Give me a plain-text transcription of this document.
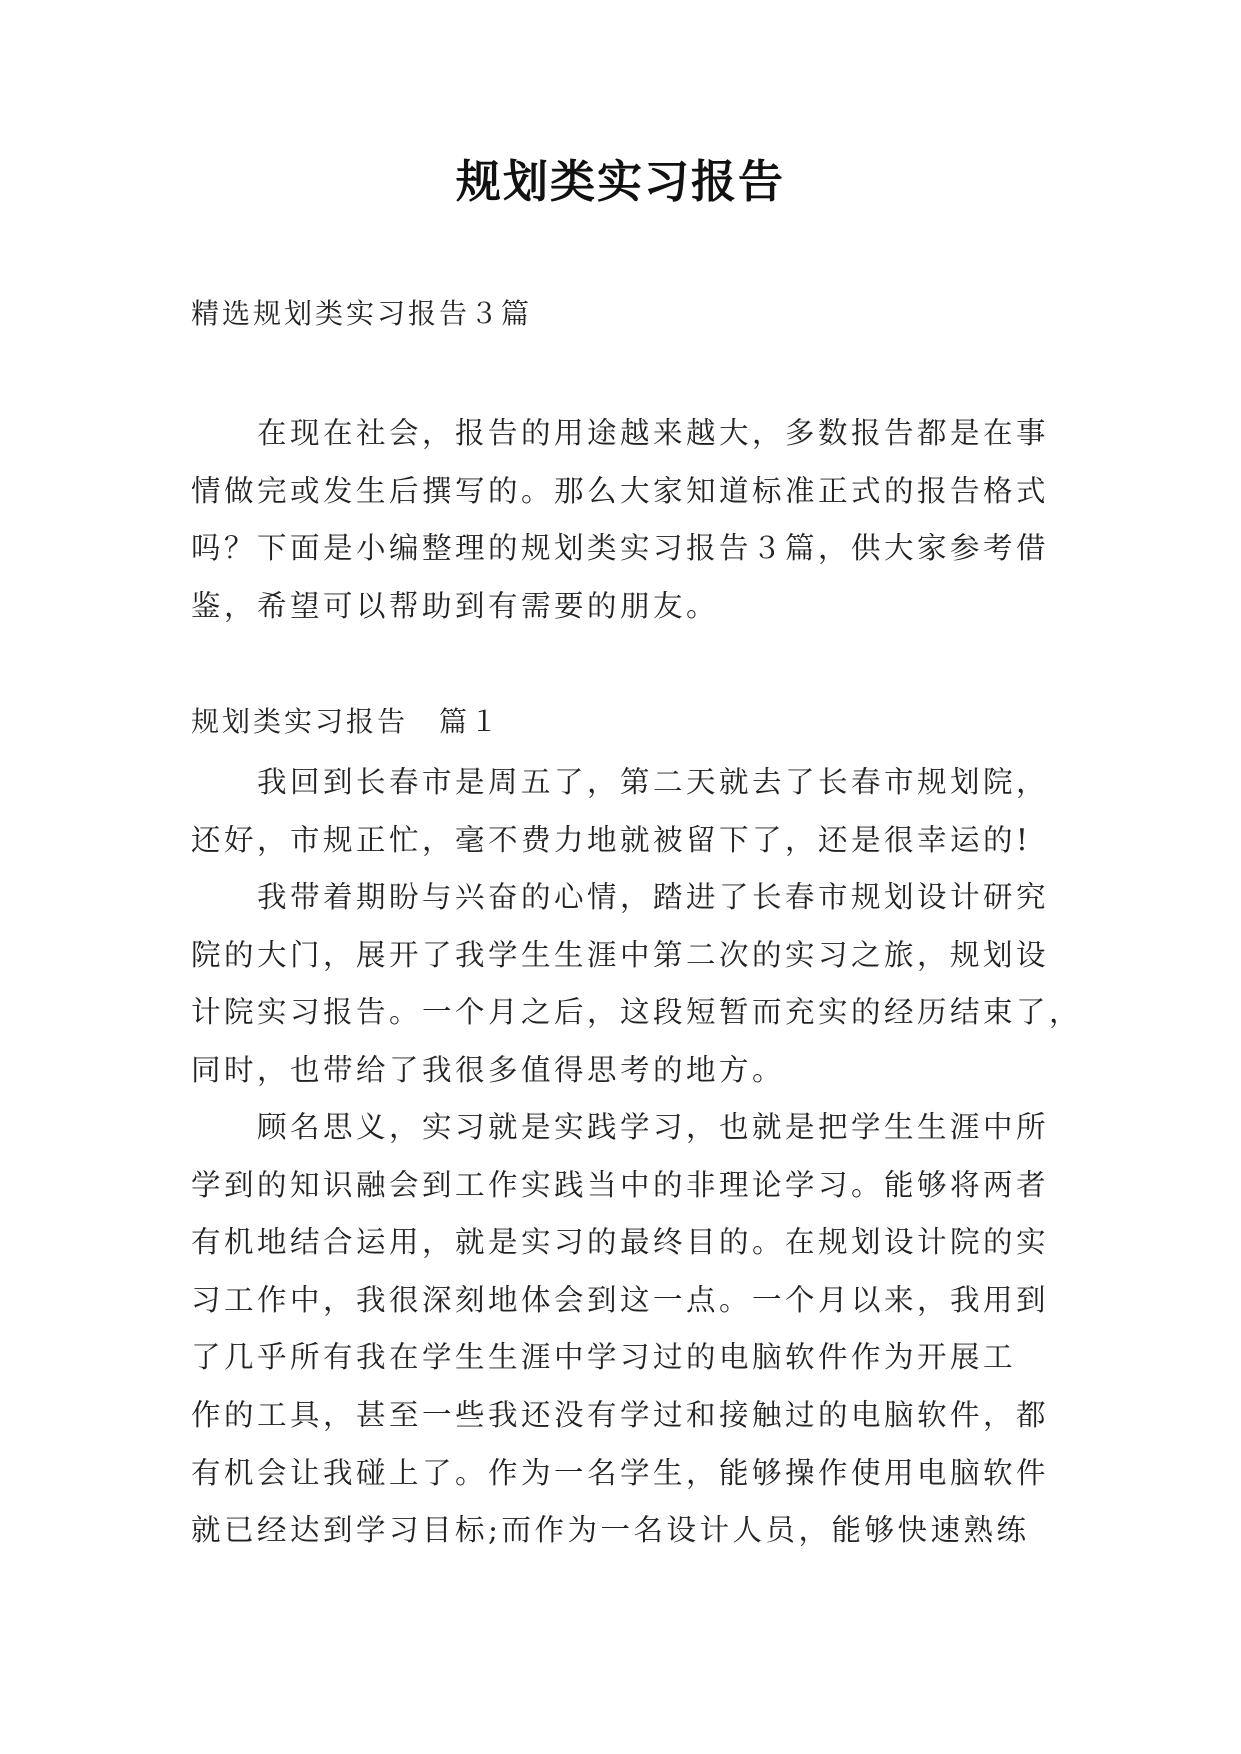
规划类实习报告

精选规划类实习报告３篇

　　在现在社会，报告的用途越来越大，多数报告都是在事
情做完或发生后撰写的。那么大家知道标准正式的报告格式
吗？下面是小编整理的规划类实习报告３篇，供大家参考借
鉴，希望可以帮助到有需要的朋友。

规划类实习报告　篇１

　　我回到长春市是周五了，第二天就去了长春市规划院，
还好，市规正忙，毫不费力地就被留下了，还是很幸运的!

　　我带着期盼与兴奋的心情，踏进了长春市规划设计研究
院的大门，展开了我学生生涯中第二次的实习之旅，规划设
计院实习报告。一个月之后，这段短暂而充实的经历结束了，
同时，也带给了我很多值得思考的地方。

　　顾名思义，实习就是实践学习，也就是把学生生涯中所
学到的知识融会到工作实践当中的非理论学习。能够将两者
有机地结合运用，就是实习的最终目的。在规划设计院的实
习工作中，我很深刻地体会到这一点。一个月以来，我用到
了几乎所有我在学生生涯中学习过的电脑软件作为开展工
作的工具，甚至一些我还没有学过和接触过的电脑软件，都
有机会让我碰上了。作为一名学生，能够操作使用电脑软件
就已经达到学习目标;而作为一名设计人员，能够快速熟练
